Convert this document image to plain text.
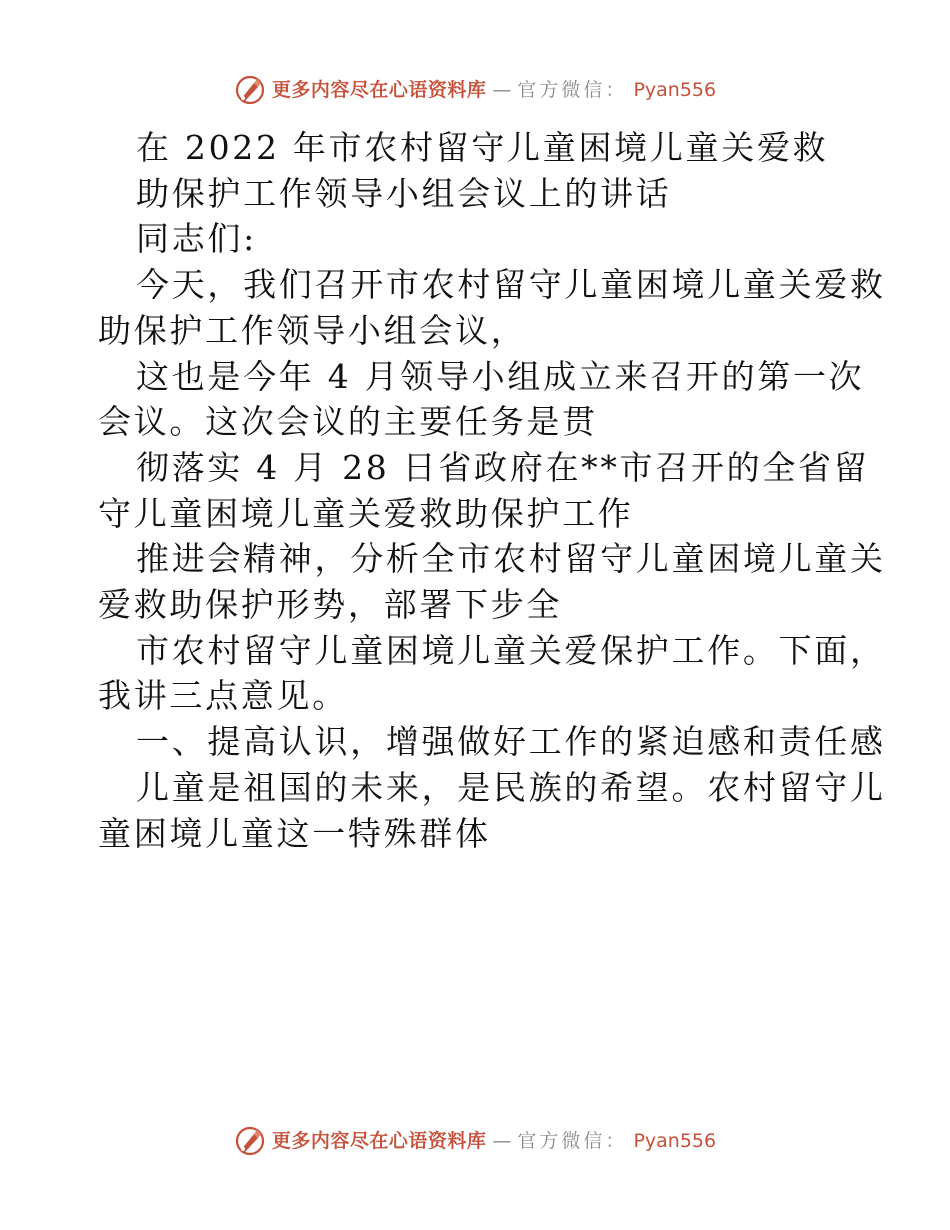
更多内容尽在心语资料库 — 官方微信： Pyan556

在 2022 年市农村留守儿童困境儿童关爱救

助保护工作领导小组会议上的讲话

同志们:

今天，我们召开市农村留守儿童困境儿童关爱救

助保护工作领导小组会议，

这也是今年 4 月领导小组成立来召开的第一次

会议。这次会议的主要任务是贯

彻落实 4 月 28 日省政府在**市召开的全省留

守儿童困境儿童关爱救助保护工作

推进会精神，分析全市农村留守儿童困境儿童关

爱救助保护形势，部署下步全

市农村留守儿童困境儿童关爱保护工作。下面，

我讲三点意见。

一、提高认识，增强做好工作的紧迫感和责任感

儿童是祖国的未来，是民族的希望。农村留守儿

童困境儿童这一特殊群体

更多内容尽在心语资料库 — 官方微信： Pyan556
